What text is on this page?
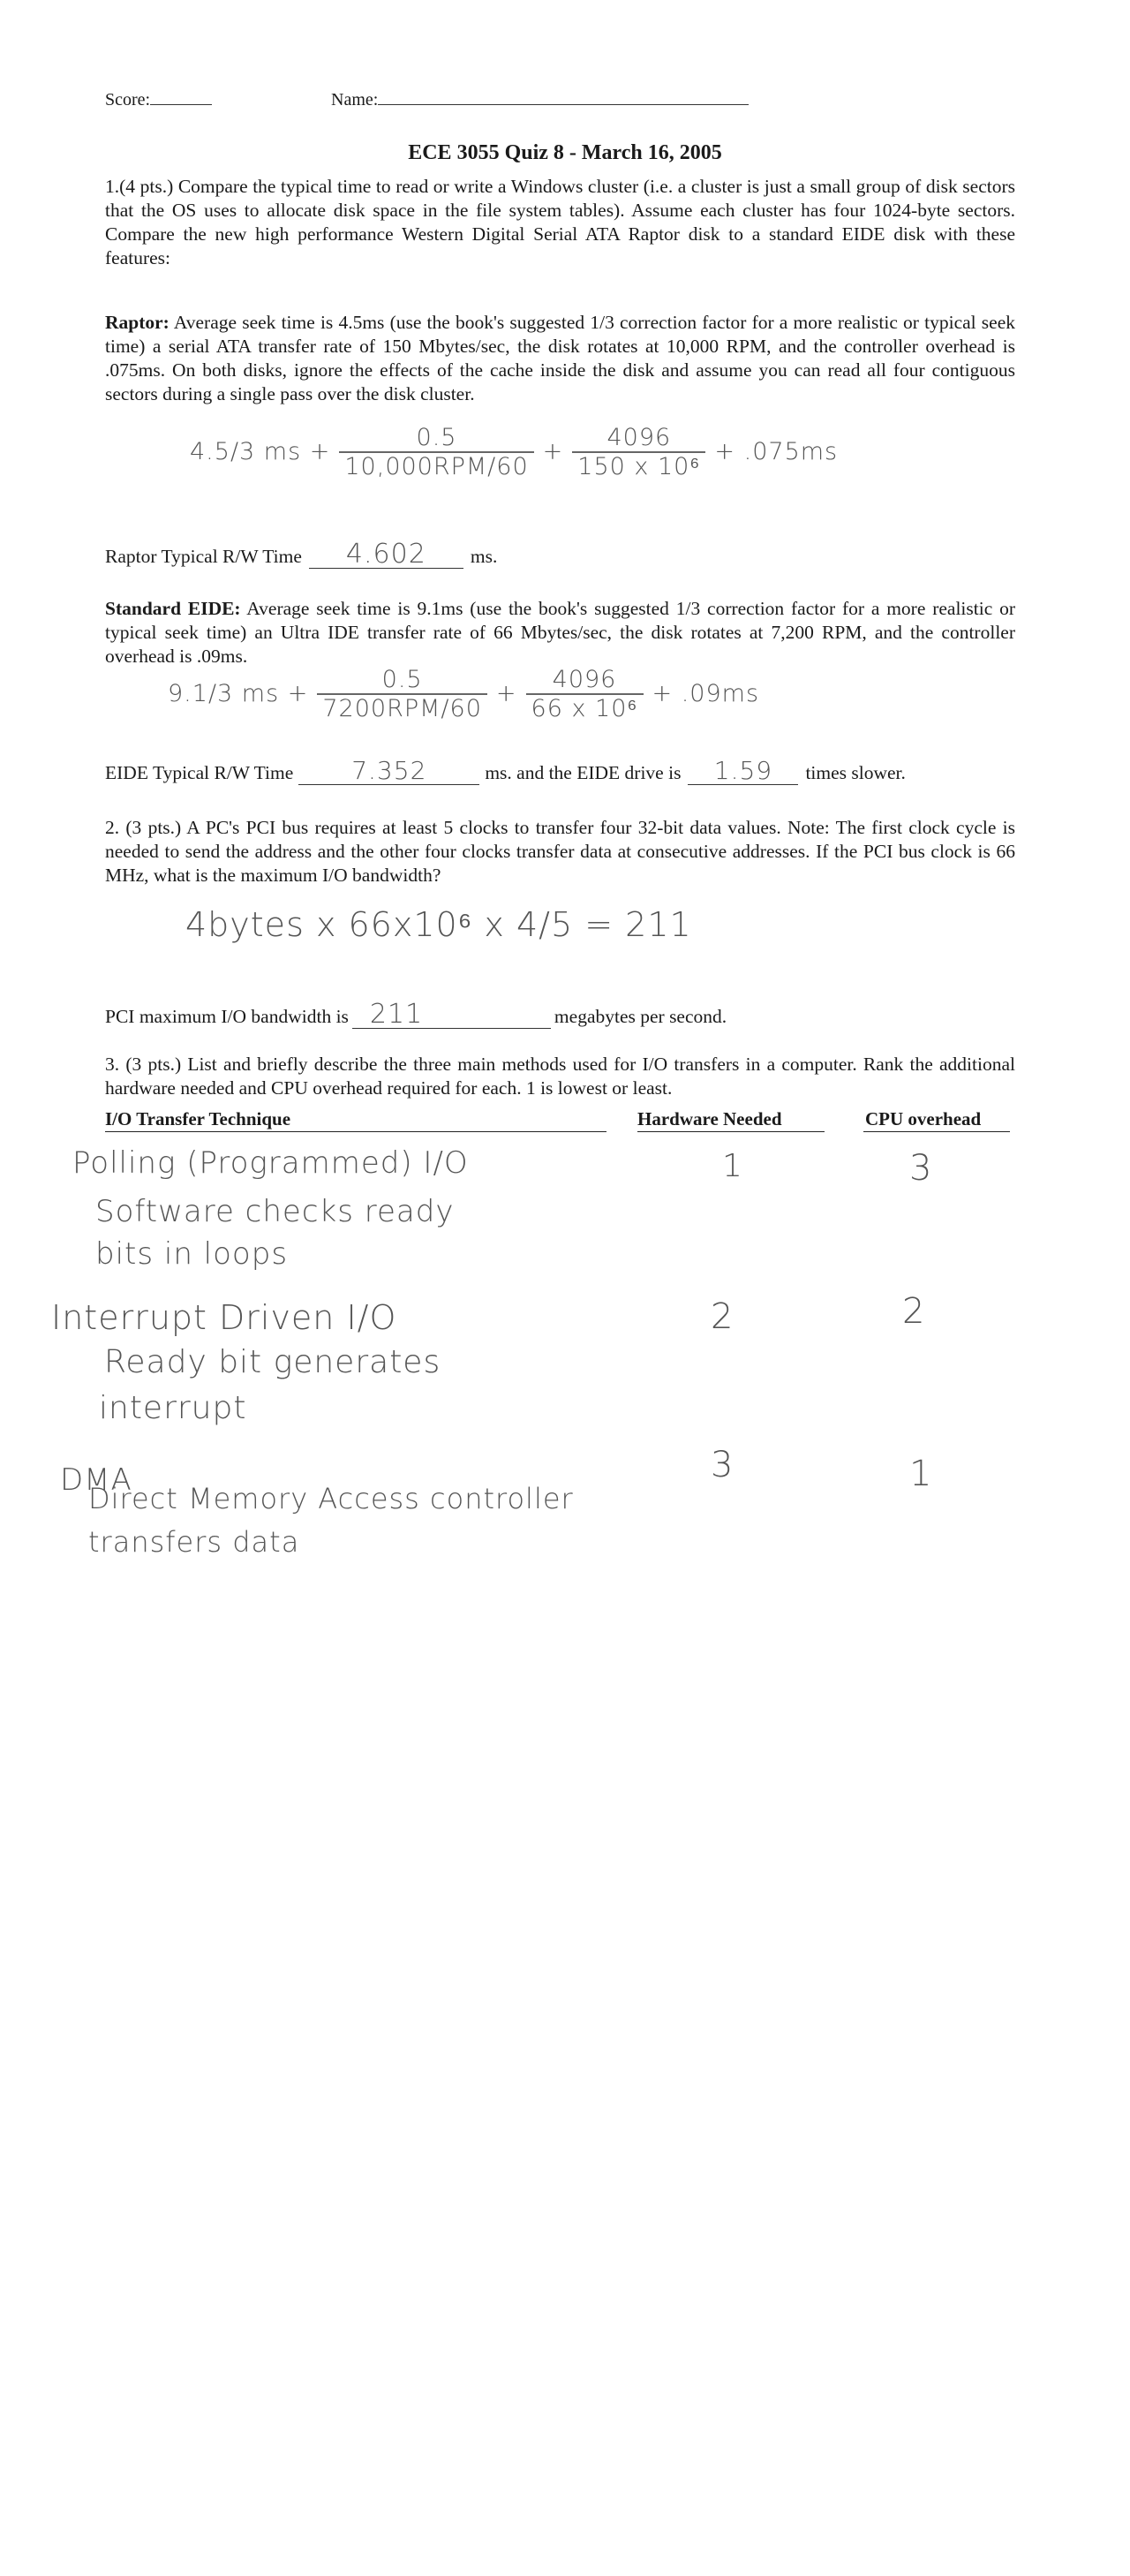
Score:	Name:
ECE 3055 Quiz 8 - March 16, 2005

1.(4 pts.) Compare the typical time to read or write a Windows cluster (i.e. a cluster is just a small group of disk sectors that the OS uses to allocate disk space in the file system tables). Assume each cluster has four 1024-byte sectors. Compare the new high performance Western Digital Serial ATA Raptor disk to a standard EIDE disk with these features:

Raptor: Average seek time is 4.5ms (use the book's suggested 1/3 correction factor for a more realistic or typical seek time) a serial ATA transfer rate of 150 Mbytes/sec, the disk rotates at 10,000 RPM, and the controller overhead is .075ms. On both disks, ignore the effects of the cache inside the disk and assume you can read all four contiguous sectors during a single pass over the disk cluster.

4.5/3 ms + $\frac{0.5}{\text{10,000RPM/60}} + \frac{4096}{\text{150 x 10⁶}} + .075ms$
Raptor Typical R/W Time	4.602	ms.

Standard EIDE: Average seek time is 9.1ms (use the book's suggested 1/3 correction factor for a more realistic or typical seek time) an Ultra IDE transfer rate of 66 Mbytes/sec, the disk rotates at 7,200 RPM, and the controller overhead is .09ms.

9.1/3 ms + $\frac{0.5}{\text{7200RPM/60}} + \frac{4096}{\text{66 x 10⁶}} + .09ms$
EIDE Typical R/W Time	7.352	ms. and the EIDE drive is	1.59	times slower.

2. (3 pts.) A PC's PCI bus requires at least 5 clocks to transfer four 32-bit data values. Note: The first clock cycle is needed to send the address and the other four clocks transfer data at consecutive addresses. If the PCI bus clock is 66 MHz, what is the maximum I/O bandwidth?

4bytes x 66x10⁶ x 4/5 = 211
PCI maximum I/O bandwidth is 211	megabytes per second.

3. (3 pts.) List and briefly describe the three main methods used for I/O transfers in a computer. Rank the additional hardware needed and CPU overhead required for each. 1 is lowest or least.

I/O Transfer Technique	Hardware Needed	CPU overhead
Polling (Programmed) I/O
Software checks ready
bits in loops
1	3
Interrupt Driven I/O
Ready bit generates
interrupt
2	2
DMA
Direct Memory Access controller
transfers data
3	1
